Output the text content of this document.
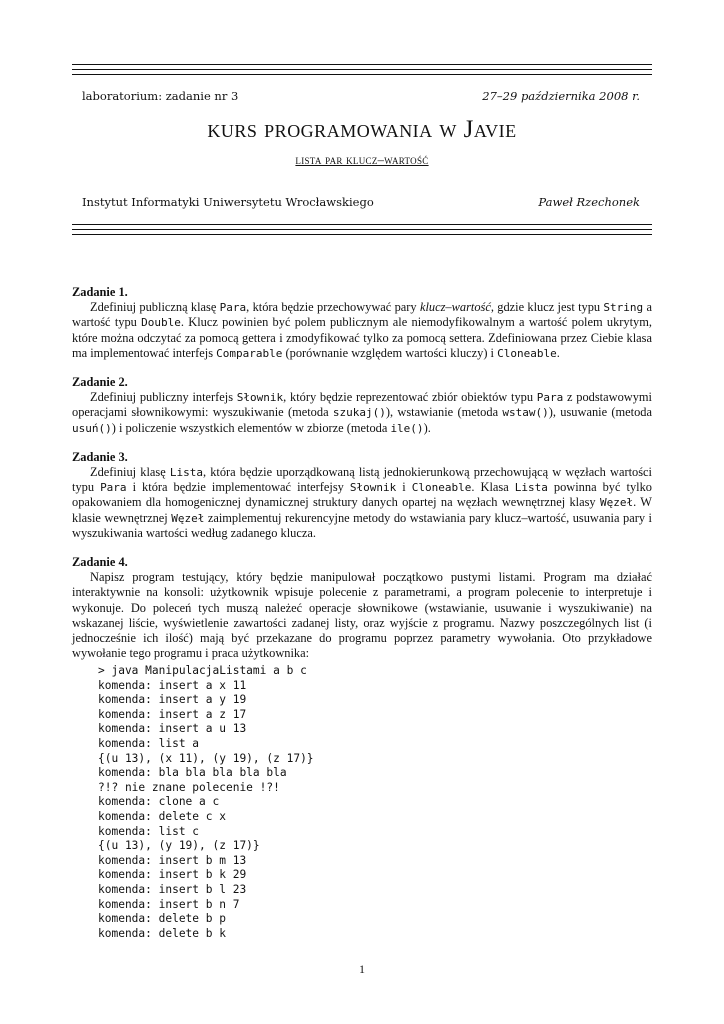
laboratorium: zadanie nr 3	27–29 października 2008 r.
kurs programowania w Javie
lista par klucz–wartość
Instytut Informatyki Uniwersytetu Wrocławskiego	Paweł Rzechonek
Zadanie 1.

Zdefiniuj publiczną klasę Para, która będzie przechowywać pary klucz–wartość, gdzie klucz jest typu String a wartość typu Double. Klucz powinien być polem publicznym ale niemodyfikowalnym a wartość polem ukrytym, które można odczytać za pomocą gettera i zmodyfikować tylko za pomocą settera. Zdefiniowana przez Ciebie klasa ma implementować interfejs Comparable (porównanie względem wartości kluczy) i Cloneable.

Zadanie 2.

Zdefiniuj publiczny interfejs Słownik, który będzie reprezentować zbiór obiektów typu Para z podstawowymi operacjami słownikowymi: wyszukiwanie (metoda szukaj()), wstawianie (metoda wstaw()), usuwanie (metoda usuń()) i policzenie wszystkich elementów w zbiorze (metoda ile()).

Zadanie 3.

Zdefiniuj klasę Lista, która będzie uporządkowaną listą jednokierunkową przechowującą w węzłach wartości typu Para i która będzie implementować interfejsy Słownik i Cloneable. Klasa Lista powinna być tylko opakowaniem dla homogenicznej dynamicznej struktury danych opartej na węzłach wewnętrznej klasy Węzeł. W klasie wewnętrznej Węzeł zaimplementuj rekurencyjne metody do wstawiania pary klucz–wartość, usuwania pary i wyszukiwania wartości według zadanego klucza.

Zadanie 4.

Napisz program testujący, który będzie manipulował początkowo pustymi listami. Program ma działać interaktywnie na konsoli: użytkownik wpisuje polecenie z parametrami, a program polecenie to interpretuje i wykonuje. Do poleceń tych muszą należeć operacje słownikowe (wstawianie, usuwanie i wyszukiwanie) na wskazanej liście, wyświetlenie zawartości zadanej listy, oraz wyjście z programu. Nazwy poszczególnych list (i jednocześnie ich ilość) mają być przekazane do programu poprzez parametry wywołania. Oto przykładowe wywołanie tego programu i praca użytkownika:

> java ManipulacjaListami a b c
komenda: insert a x 11
komenda: insert a y 19
komenda: insert a z 17
komenda: insert a u 13
komenda: list a
{(u 13), (x 11), (y 19), (z 17)}
komenda: bla bla bla bla bla
?!? nie znane polecenie !?!
komenda: clone a c
komenda: delete c x
komenda: list c
{(u 13), (y 19), (z 17)}
komenda: insert b m 13
komenda: insert b k 29
komenda: insert b l 23
komenda: insert b n 7
komenda: delete b p
komenda: delete b k
1
